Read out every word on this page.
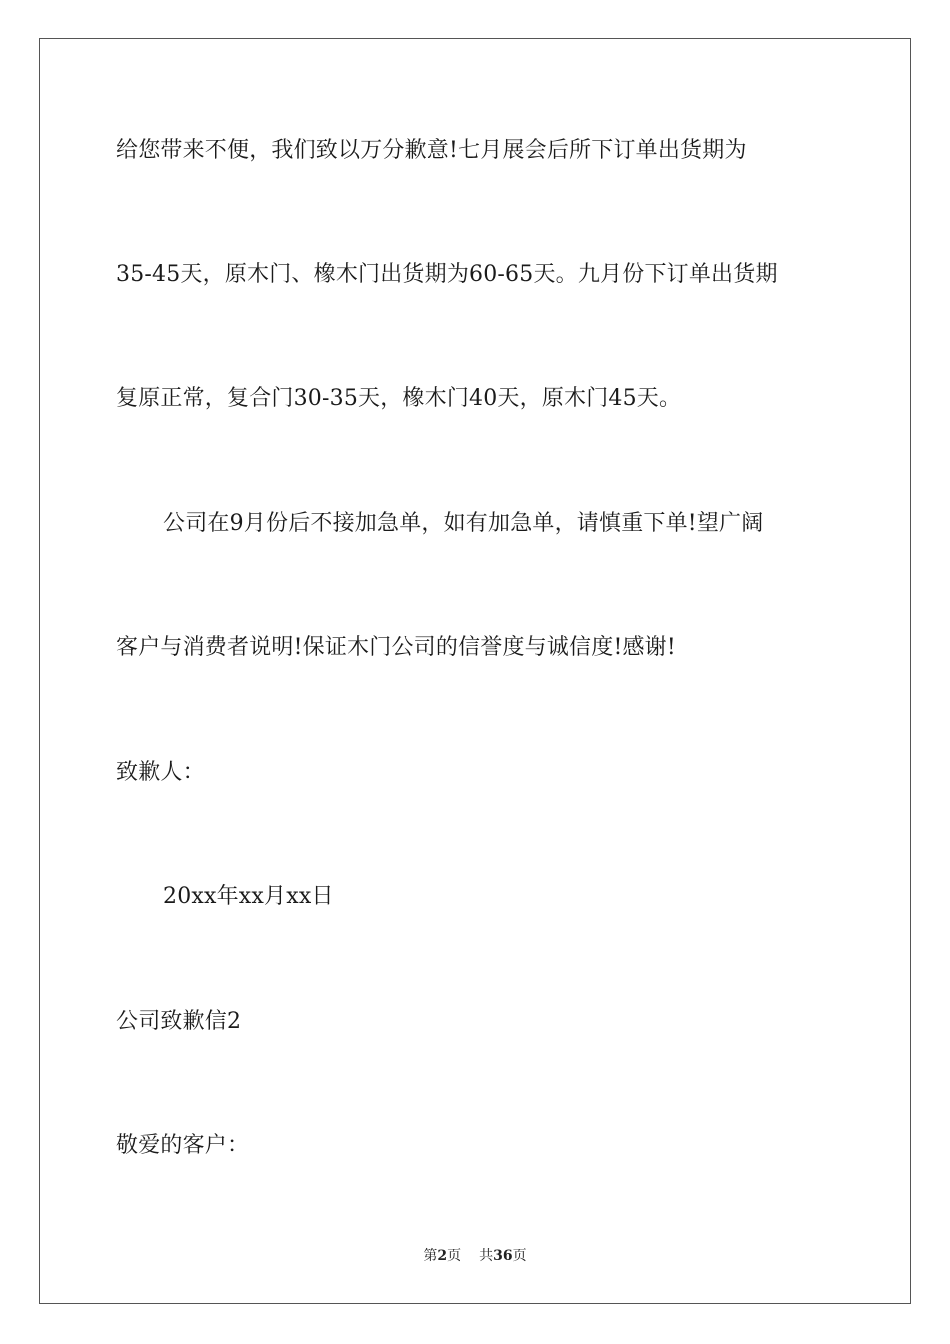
给您带来不便，我们致以万分歉意!七月展会后所下订单出货期为
35-45天，原木门、橡木门出货期为60-65天。九月份下订单出货期
复原正常，复合门30-35天，橡木门40天，原木门45天。
公司在9月份后不接加急单，如有加急单，请慎重下单!望广阔
客户与消费者说明!保证木门公司的信誉度与诚信度!感谢!
致歉人：
20xx年xx月xx日
公司致歉信2
敬爱的客户：
第2页 共36页
